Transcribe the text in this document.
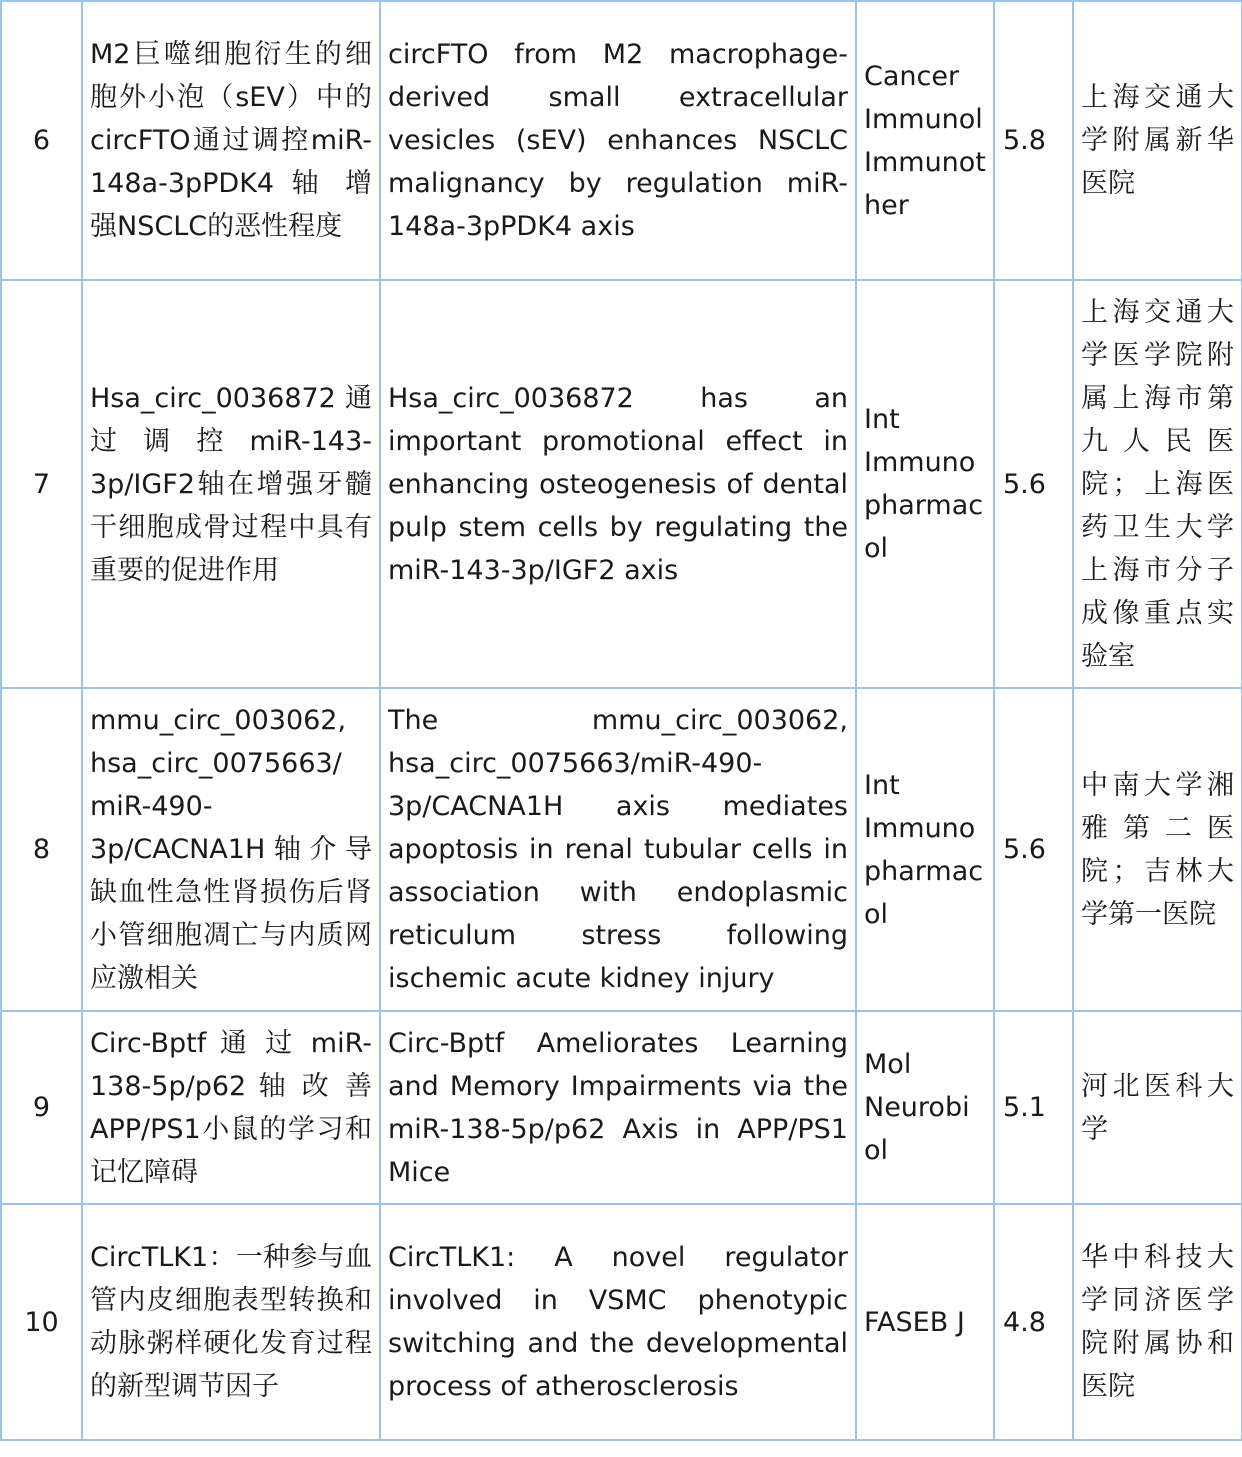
6	M2巨噬细胞衍生的细胞外小泡（sEV）中的circFTO通过调控miR-148a-3pPDK4 轴 增强NSCLC的恶性程度	circFTO from M2 macrophage-derived small extracellular vesicles (sEV) enhances NSCLC malignancy by regulation miR-148a-3pPDK4 axis	Cancer Immunol Immunother	5.8	上海交通大学附属新华医院
7	Hsa_circ_0036872通过调控miR-143-3p/IGF2轴在增强牙髓干细胞成骨过程中具有重要的促进作用	Hsa_circ_0036872 has an important promotional effect in enhancing osteogenesis of dental pulp stem cells by regulating the miR-143-3p/IGF2 axis	Int Immunopharmacol	5.6	上海交通大学医学院附属上海市第九人民医院；上海医药卫生大学上海市分子成像重点实验室
8	mmu_circ_003062, hsa_circ_0075663/ miR-490-3p/CACNA1H轴介导缺血性急性肾损伤后肾小管细胞凋亡与内质网应激相关	The mmu_circ_003062, hsa_circ_0075663/miR-490-3p/CACNA1H axis mediates apoptosis in renal tubular cells in association with endoplasmic reticulum stress following ischemic acute kidney injury	Int Immunopharmacol	5.6	中南大学湘雅第二医院；吉林大学第一医院
9	Circ-Bptf 通 过 miR-138-5p/p62 轴 改 善APP/PS1小鼠的学习和记忆障碍	Circ-Bptf Ameliorates Learning and Memory Impairments via the miR-138-5p/p62 Axis in APP/PS1 Mice	Mol Neurobiol	5.1	河北医科大学
10	CircTLK1：一种参与血管内皮细胞表型转换和动脉粥样硬化发育过程的新型调节因子	CircTLK1: A novel regulator involved in VSMC phenotypic switching and the developmental process of atherosclerosis	FASEB J	4.8	华中科技大学同济医学院附属协和医院
